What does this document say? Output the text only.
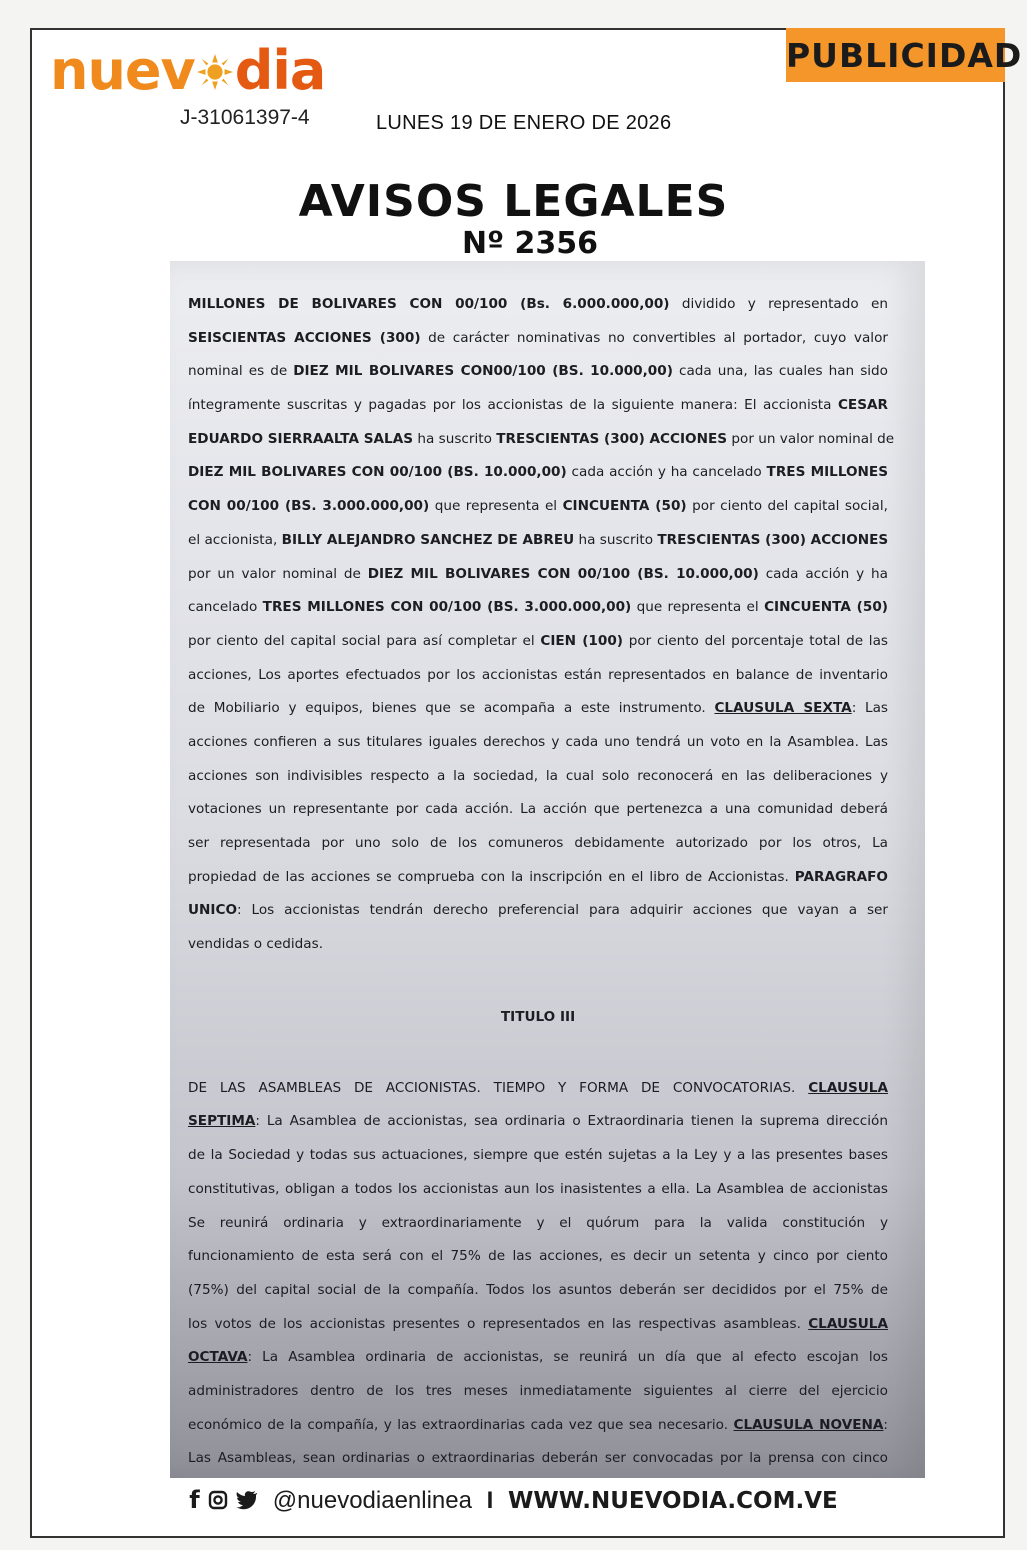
nuev dia
J-31061397-4	LUNES 19 DE ENERO DE 2026
PUBLICIDAD
AVISOS LEGALES
Nº 2356
MILLONES DE BOLIVARES CON 00/100 (Bs. 6.000.000,00) dividido y representado en
SEISCIENTAS ACCIONES (300) de carácter nominativas no convertibles al portador, cuyo valor
nominal es de DIEZ MIL BOLIVARES CON00/100 (BS. 10.000,00) cada una, las cuales han sido
íntegramente suscritas y pagadas por los accionistas de la siguiente manera: El accionista CESAR
EDUARDO SIERRAALTA SALAS ha suscrito TRESCIENTAS (300) ACCIONES por un valor nominal de
DIEZ MIL BOLIVARES CON 00/100 (BS. 10.000,00) cada acción y ha cancelado TRES MILLONES
CON 00/100 (BS. 3.000.000,00) que representa el CINCUENTA (50) por ciento del capital social,
el accionista, BILLY ALEJANDRO SANCHEZ DE ABREU ha suscrito TRESCIENTAS (300) ACCIONES
por un valor nominal de DIEZ MIL BOLIVARES CON 00/100 (BS. 10.000,00) cada acción y ha
cancelado TRES MILLONES CON 00/100 (BS. 3.000.000,00) que representa el CINCUENTA (50)
por ciento del capital social para así completar el CIEN (100) por ciento del porcentaje total de las
acciones, Los aportes efectuados por los accionistas están representados en balance de inventario
de Mobiliario y equipos, bienes que se acompaña a este instrumento. CLAUSULA SEXTA: Las
acciones confieren a sus titulares iguales derechos y cada uno tendrá un voto en la Asamblea. Las
acciones son indivisibles respecto a la sociedad, la cual solo reconocerá en las deliberaciones y
votaciones un representante por cada acción. La acción que pertenezca a una comunidad deberá
ser representada por uno solo de los comuneros debidamente autorizado por los otros, La
propiedad de las acciones se comprueba con la inscripción en el libro de Accionistas. PARAGRAFO
UNICO: Los accionistas tendrán derecho preferencial para adquirir acciones que vayan a ser
vendidas o cedidas.
TITULO III
DE LAS ASAMBLEAS DE ACCIONISTAS. TIEMPO Y FORMA DE CONVOCATORIAS. CLAUSULA
SEPTIMA: La Asamblea de accionistas, sea ordinaria o Extraordinaria tienen la suprema dirección
de la Sociedad y todas sus actuaciones, siempre que estén sujetas a la Ley y a las presentes bases
constitutivas, obligan a todos los accionistas aun los inasistentes a ella. La Asamblea de accionistas
Se reunirá ordinaria y extraordinariamente y el quórum para la valida constitución y
funcionamiento de esta será con el 75% de las acciones, es decir un setenta y cinco por ciento
(75%) del capital social de la compañía. Todos los asuntos deberán ser decididos por el 75% de
los votos de los accionistas presentes o representados en las respectivas asambleas. CLAUSULA
OCTAVA: La Asamblea ordinaria de accionistas, se reunirá un día que al efecto escojan los
administradores dentro de los tres meses inmediatamente siguientes al cierre del ejercicio
económico de la compañía, y las extraordinarias cada vez que sea necesario. CLAUSULA NOVENA:
Las Asambleas, sean ordinarias o extraordinarias deberán ser convocadas por la prensa con cinco
f	@nuevodiaenlinea I WWW.NUEVODIA.COM.VE
